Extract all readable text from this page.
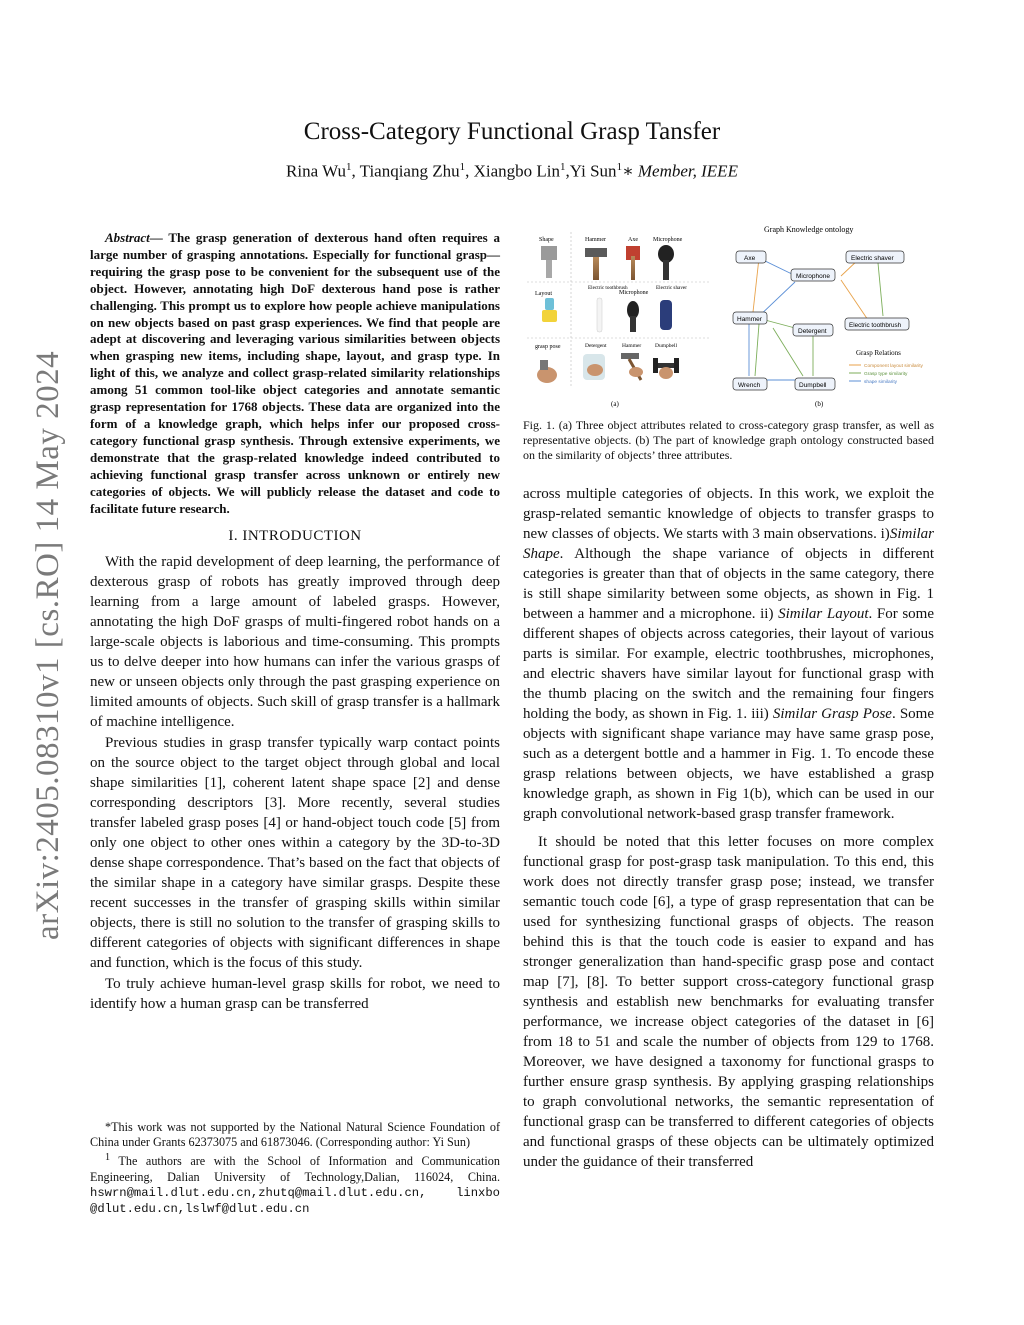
arXiv:2405.08310v1 [cs.RO] 14 May 2024
Cross-Category Functional Grasp Tansfer
Rina Wu$^1$, Tianqiang Zhu$^1$, Xiangbo Lin$^1$,Yi Sun$^1$∗ Member, IEEE

Abstract— The grasp generation of dexterous hand often requires a large number of grasping annotations. Especially for functional grasp—requiring the grasp pose to be convenient for the subsequent use of the object. However, annotating high DoF dexterous hand pose is rather challenging. This prompt us to explore how people achieve manipulations on new objects based on past grasp experiences. We find that people are adept at discovering and leveraging various similarities between objects when grasping new items, including shape, layout, and grasp type. In light of this, we analyze and collect grasp-related similarity relationships among 51 common tool-like object categories and annotate semantic grasp representation for 1768 objects. These data are organized into the form of a knowledge graph, which helps infer our proposed cross-category functional grasp synthesis. Through extensive experiments, we demonstrate that the grasp-related knowledge indeed contributed to achieving functional grasp transfer across unknown or entirely new categories of objects. We will publicly release the dataset and code to facilitate future research.

I. INTRODUCTION

With the rapid development of deep learning, the performance of dexterous grasp of robots has greatly improved through deep learning from a large amount of labeled grasps. However, annotating the high DoF grasps of multi-fingered robot hands on a large-scale objects is laborious and time-consuming. This prompts us to delve deeper into how humans can infer the various grasps of new or unseen objects only through the past grasping experience on limited amounts of objects. Such skill of grasp transfer is a hallmark of machine intelligence.

Previous studies in grasp transfer typically warp contact points on the source object to the target object through global and local shape similarities [1], coherent latent shape space [2] and dense corresponding descriptors [3]. More recently, several studies transfer labeled grasp poses [4] or hand-object touch code [5] from only one object to other ones within a category by the 3D-to-3D dense shape correspondence. That’s based on the fact that objects of the similar shape in a category have similar grasps. Despite these recent successes in the transfer of grasping skills within similar objects, there is still no solution to the transfer of grasping skills to different categories of objects with significant differences in shape and function, which is the focus of this study.

To truly achieve human-level grasp skills for robot, we need to identify how a human grasp can be transferred

*This work was not supported by the National Natural Science Foundation of China under Grants 62373075 and 61873046. (Corresponding author: Yi Sun)

$^1$ The authors are with the School of Information and Communication Engineering, Dalian University of Technology,Dalian, 116024, China. hswrn@mail.dlut.edu.cn,zhutq@mail.dlut.edu.cn, linxbo @dlut.edu.cn,lslwf@dlut.edu.cn

Shape
Layout
grasp pose
Hammer	Axe	Microphone
Electric toothbrush
Microphone
Electric shaver
Detergent	Hammer	Dumpbell
(a)
Graph Knowledge ontology
Axe	Electric shaver
Microphone
Hammer
Detergent
Electric toothbrush
Wrench	Dumpbell
Grasp Relations
Component layout similarity
Grasp type similarity
shape similarity
(b)
Fig. 1. (a) Three object attributes related to cross-category grasp transfer, as well as representative objects. (b) The part of knowledge graph ontology constructed based on the similarity of objects’ three attributes.

across multiple categories of objects. In this work, we exploit the grasp-related semantic knowledge of objects to transfer grasps to new classes of objects. We starts with 3 main observations. i)Similar Shape. Although the shape variance of objects in different categories is greater than that of objects in the same category, there is still shape similarity between some objects, as shown in Fig. 1 between a hammer and a microphone. ii) Similar Layout. For some different shapes of objects across categories, their layout of various parts is similar. For example, electric toothbrushes, microphones, and electric shavers have similar layout for functional grasp with the thumb placing on the switch and the remaining four fingers holding the body, as shown in Fig. 1. iii) Similar Grasp Pose. Some objects with significant shape variance may have same grasp pose, such as a detergent bottle and a hammer in Fig. 1. To encode these grasp relations between objects, we have established a grasp knowledge graph, as shown in Fig 1(b), which can be used in our graph convolutional network-based grasp transfer framework.

It should be noted that this letter focuses on more complex functional grasp for post-grasp task manipulation. To this end, this work does not directly transfer grasp pose; instead, we transfer semantic touch code [6], a type of grasp representation that can be used for synthesizing functional grasps of objects. The reason behind this is that the touch code is easier to expand and has stronger generalization than hand-specific grasp pose and contact map [7], [8]. To better support cross-category functional grasp synthesis and establish new benchmarks for evaluating transfer performance, we increase object categories of the dataset in [6] from 18 to 51 and scale the number of objects from 129 to 1768. Moreover, we have designed a taxonomy for functional grasps to further ensure grasp synthesis. By applying grasping relationships to graph convolutional networks, the semantic representation of functional grasp can be transferred to different categories of objects and functional grasps of these objects can be ultimately optimized under the guidance of their transferred
